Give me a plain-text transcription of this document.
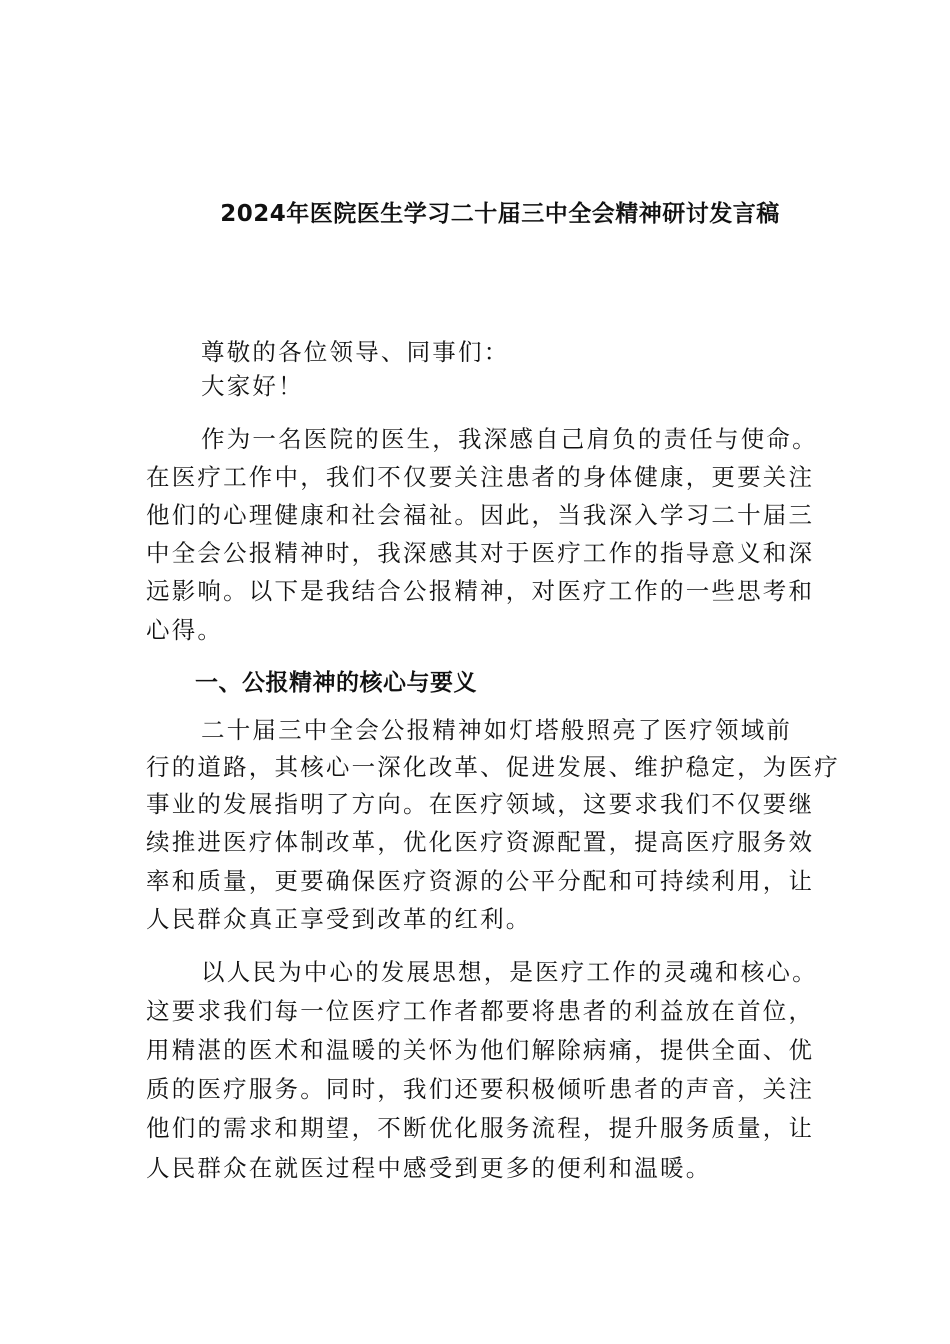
2024年医院医生学习二十届三中全会精神研讨发言稿
尊敬的各位领导、同事们：
大家好！
作为一名医院的医生，我深感自己肩负的责任与使命。
在医疗工作中，我们不仅要关注患者的身体健康，更要关注
他们的心理健康和社会福祉。因此，当我深入学习二十届三
中全会公报精神时，我深感其对于医疗工作的指导意义和深
远影响。以下是我结合公报精神，对医疗工作的一些思考和
心得。
一、公报精神的核心与要义
二十届三中全会公报精神如灯塔般照亮了医疗领域前
行的道路，其核心一深化改革、促进发展、维护稳定，为医疗
事业的发展指明了方向。在医疗领域，这要求我们不仅要继
续推进医疗体制改革，优化医疗资源配置，提高医疗服务效
率和质量，更要确保医疗资源的公平分配和可持续利用，让
人民群众真正享受到改革的红利。
以人民为中心的发展思想，是医疗工作的灵魂和核心。
这要求我们每一位医疗工作者都要将患者的利益放在首位，
用精湛的医术和温暖的关怀为他们解除病痛，提供全面、优
质的医疗服务。同时，我们还要积极倾听患者的声音，关注
他们的需求和期望，不断优化服务流程，提升服务质量，让
人民群众在就医过程中感受到更多的便利和温暖。
